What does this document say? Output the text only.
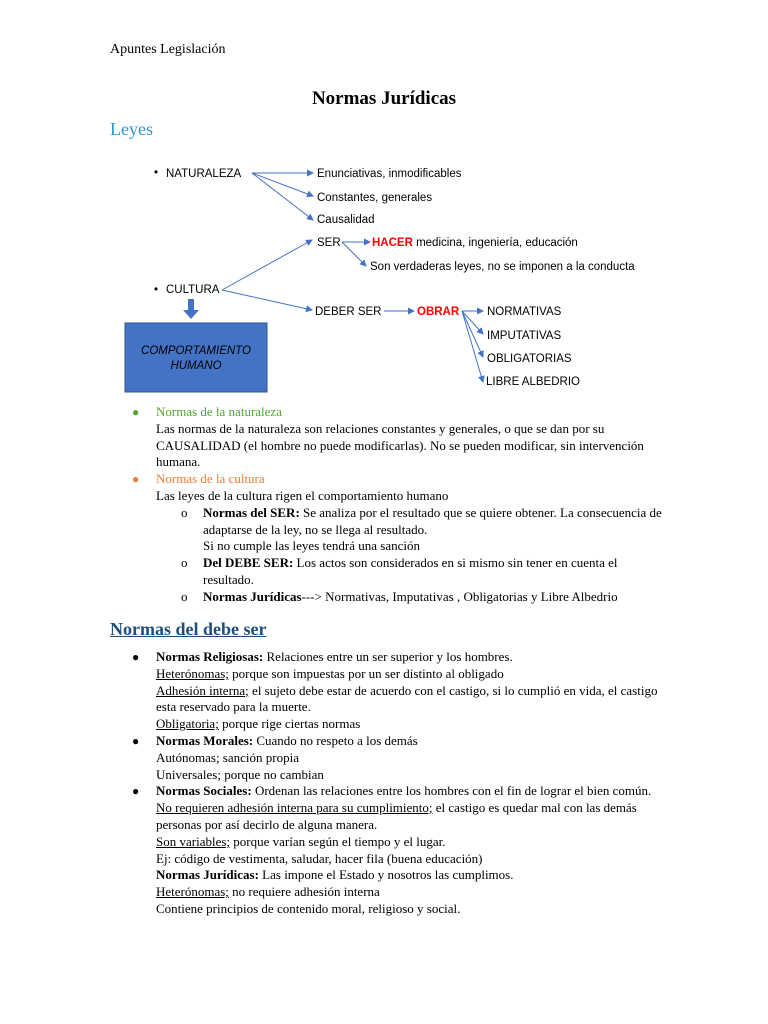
Apuntes Legislación
Normas Jurídicas
Leyes
•
•
NATURALEZA
CULTURA
Enunciativas, inmodificables
Constantes, generales
Causalidad
SER	HACER medicina, ingeniería, educación
Son verdaderas leyes, no se imponen a la conducta
DEBER SER	OBRAR NORMATIVAS
IMPUTATIVAS
OBLIGATORIAS
LIBRE ALBEDRIO
COMPORTAMIENTO
HUMANO
● Normas de la naturaleza
Las normas de la naturaleza son relaciones constantes y generales, o que se dan por su CAUSALIDAD (el hombre no puede modificarlas). No se pueden modificar, sin intervención humana.
● Normas de la cultura
Las leyes de la cultura rigen el comportamiento humano
o Normas del SER: Se analiza por el resultado que se quiere obtener. La consecuencia de adaptarse de la ley, no se llega al resultado.
Si no cumple las leyes tendrá una sanción
o Del DEBE SER: Los actos son considerados en si mismo sin tener en cuenta el resultado.
o Normas Jurídicas---> Normativas, Imputativas , Obligatorias y Libre Albedrio
Normas del debe ser
● Normas Religiosas: Relaciones entre un ser superior y los hombres.
Heterónomas; porque son impuestas por un ser distinto al obligado
Adhesión interna; el sujeto debe estar de acuerdo con el castigo, si lo cumplió en vida, el castigo esta reservado para la muerte.
Obligatoria; porque rige ciertas normas
● Normas Morales: Cuando no respeto a los demás
Autónomas; sanción propia
Universales; porque no cambian
● Normas Sociales: Ordenan las relaciones entre los hombres con el fin de lograr el bien común.
No requieren adhesión interna para su cumplimiento; el castigo es quedar mal con las demás personas por así decirlo de alguna manera.
Son variables; porque varían según el tiempo y el lugar.
Ej: código de vestimenta, saludar, hacer fila (buena educación)
Normas Jurídicas: Las impone el Estado y nosotros las cumplimos.
Heterónomas; no requiere adhesión interna
Contiene principios de contenido moral, religioso y social.
